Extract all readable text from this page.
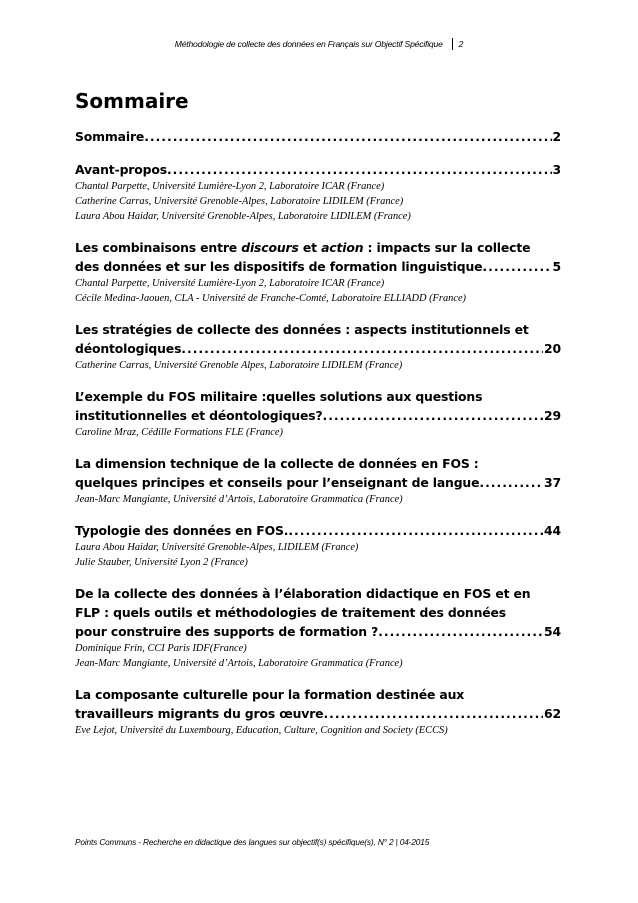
Méthodologie de collecte des données en Français sur Objectif Spécifique 2
Sommaire
Sommaire .....	2
Avant-propos .....	3
Chantal Parpette, Université Lumière-Lyon 2, Laboratoire ICAR (France)
Catherine Carras, Université Grenoble-Alpes, Laboratoire LIDILEM (France)
Laura Abou Haidar, Université Grenoble-Alpes, Laboratoire LIDILEM (France)
Les combinaisons entre discours et action : impacts sur la collecte
des données et sur les dispositifs de formation linguistique .....	5
Chantal Parpette, Université Lumière-Lyon 2, Laboratoire ICAR (France)
Cécile Medina-Jaouen, CLA - Université de Franche-Comté, Laboratoire ELLIADD (France)
Les stratégies de collecte des données : aspects institutionnels et
déontologiques .....	20
Catherine Carras, Université Grenoble Alpes, Laboratoire LIDILEM (France)
L’exemple du FOS militaire :quelles solutions aux questions
institutionnelles et déontologiques? .....	29
Caroline Mraz, Cédille Formations FLE (France)
La dimension technique de la collecte de données en FOS :
quelques principes et conseils pour l’enseignant de langue .....	37
Jean-Marc Mangiante, Université d’Artois, Laboratoire Grammatica (France)
Typologie des données en FOS. .....	44
Laura Abou Haidar, Université Grenoble-Alpes, LIDILEM (France)
Julie Stauber, Université Lyon 2 (France)
De la collecte des données à l’élaboration didactique en FOS et en
FLP : quels outils et méthodologies de traitement des données
pour construire des supports de formation ? .....	54
Dominique Frin, CCI Paris IDF(France)
Jean-Marc Mangiante, Université d’Artois, Laboratoire Grammatica (France)
La composante culturelle pour la formation destinée aux
travailleurs migrants du gros œuvre .....	62
Eve Lejot, Université du Luxembourg, Education, Culture, Cognition and Society (ECCS)
Points Communs - Recherche en didactique des langues sur objectif(s) spécifique(s), N° 2 | 04-2015
